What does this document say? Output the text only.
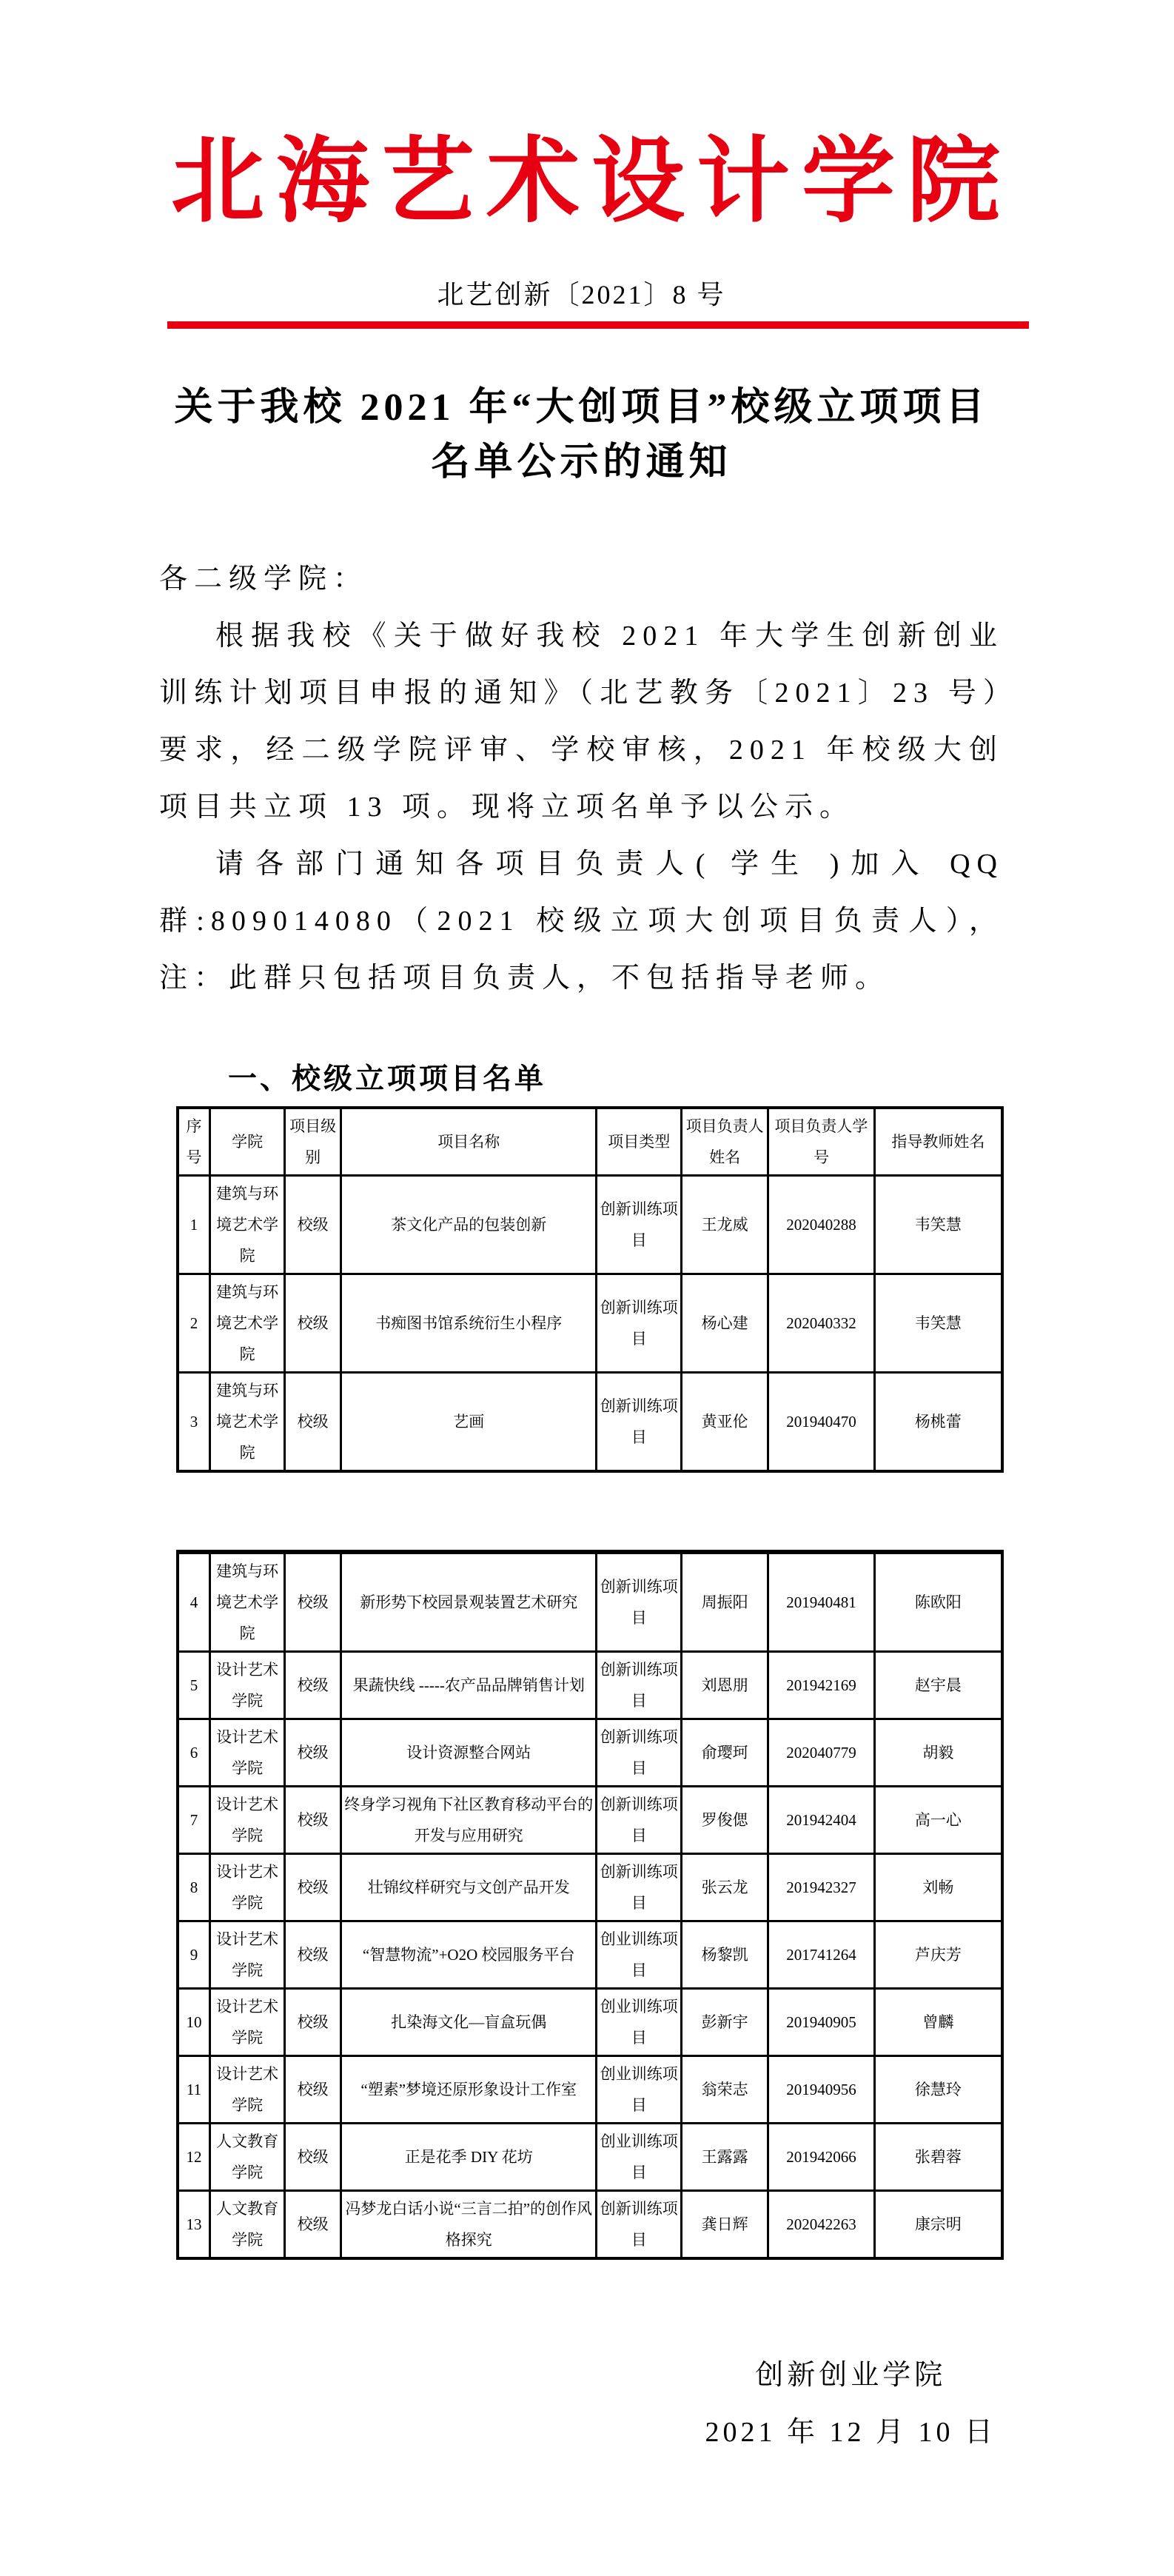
北海艺术设计学院
北艺创新〔2021〕8 号
关于我校 2021 年“大创项目”校级立项项目
名单公示的通知

各二级学院：

根据我校《关于做好我校 2021 年大学生创新创业训练计划项目申报的通知》（北艺教务〔2021〕23 号）要求，经二级学院评审、学校审核，2021 年校级大创项目共立项 13 项。现将立项名单予以公示。

请各部门通知各项目负责人( 学生 )加入 QQ 群:809014080（2021 校级立项大创项目负责人），注：此群只包括项目负责人，不包括指导老师。

一、校级立项项目名单
序号	学院	项目级别	项目名称	项目类型	项目负责人姓名	项目负责人学号	指导教师姓名
1	建筑与环境艺术学院	校级	茶文化产品的包装创新	创新训练项目	王龙威	202040288	韦笑慧
2	建筑与环境艺术学院	校级	书痴图书馆系统衍生小程序	创新训练项目	杨心建	202040332	韦笑慧
3	建筑与环境艺术学院	校级	艺画	创新训练项目	黄亚伦	201940470	杨桃蕾
4	建筑与环境艺术学院	校级	新形势下校园景观装置艺术研究	创新训练项目	周振阳	201940481	陈欧阳
5	设计艺术学院	校级	果蔬快线 -----农产品品牌销售计划	创新训练项目	刘恩朋	201942169	赵宇晨
6	设计艺术学院	校级	设计资源整合网站	创新训练项目	俞璎珂	202040779	胡毅
7	设计艺术学院	校级	终身学习视角下社区教育移动平台的开发与应用研究	创新训练项目	罗俊偲	201942404	高一心
8	设计艺术学院	校级	壮锦纹样研究与文创产品开发	创新训练项目	张云龙	201942327	刘畅
9	设计艺术学院	校级	“智慧物流”+O2O 校园服务平台	创业训练项目	杨黎凯	201741264	芦庆芳
10	设计艺术学院	校级	扎染海文化—盲盒玩偶	创业训练项目	彭新宇	201940905	曾麟
11	设计艺术学院	校级	“塑素”梦境还原形象设计工作室	创业训练项目	翁荣志	201940956	徐慧玲
12	人文教育学院	校级	正是花季 DIY 花坊	创业训练项目	王露露	201942066	张碧蓉
13	人文教育学院	校级	冯梦龙白话小说“三言二拍”的创作风格探究	创新训练项目	龚日辉	202042263	康宗明
创新创业学院
2021 年 12 月 10 日
